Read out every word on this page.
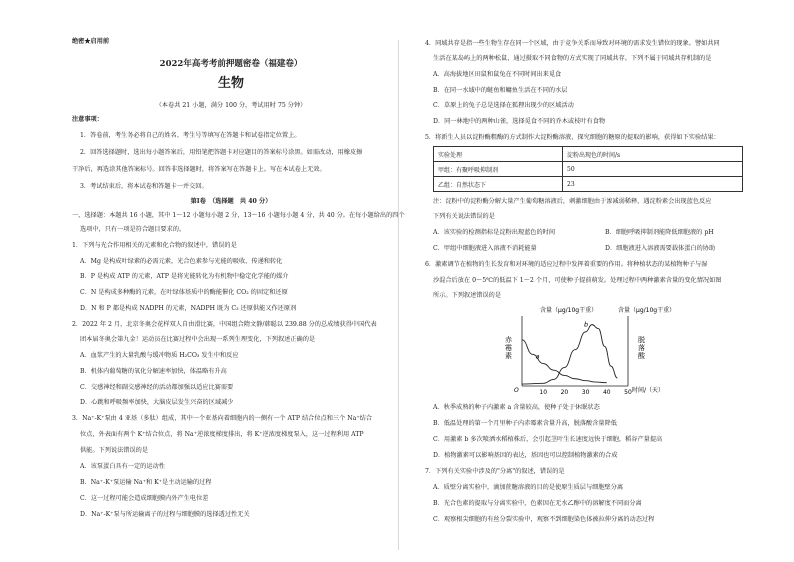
绝密★启用前
2022年高考考前押题密卷（福建卷）
生物
（本卷共 21 小题，满分 100 分，考试用时 75 分钟）
注意事项：
1．答卷前，考生务必将自己的姓名、考生号等填写在答题卡和试卷指定位置上。
2．回答选择题时，选出每小题答案后，用铅笔把答题卡对应题目的答案标号涂黑。如需改动，用橡皮擦
干净后，再选涂其他答案标号。回答非选择题时，将答案写在答题卡上。写在本试卷上无效。
3．考试结束后，将本试卷和答题卡一并交回。
第Ⅰ卷　（选择题　共 40 分）
一、选择题：本题共 16 小题，其中 1～12 小题每小题 2 分，13～16 小题每小题 4 分，共 40 分。在每小题给出的四个
选项中，只有一项是符合题目要求的。
1．下列与光合作用相关的元素和化合物的叙述中，错误的是
A．Mg 是构成叶绿素的必需元素，光合色素参与光能的吸收、传递和转化
B．P 是构成 ATP 的元素，ATP 是将光能转化为有机物中稳定化学能的媒介
C．N 是构成多种酶的元素，在叶绿体基质中的酶能催化 CO₂ 的固定和还原
D．N 和 P 都是构成 NADPH 的元素，NADPH 既为 C₃ 还原供能又作还原剂
2．2022 年 2 月，北京冬奥会花样双人自由滑比赛，中国组合隋文静/韩聪以 239.88 分的总成绩获得中国代表
团本届冬奥会第九金！运动员在比赛过程中会出现一系列生理变化，下列叙述正确的是
A．血浆产生的大量乳酸与缓冲物质 H₂CO₃ 发生中和反应
B．机体内葡萄糖的氧化分解速率加快，体温略有升高
C．交感神经和副交感神经的活动都加强以适应比赛需要
D．心跳和呼吸频率加快，大脑皮层发生兴奋的区域减少
3．Na⁺-K⁺泵由 4 亚基（多肽）组成，其中一个亚基向着细胞内的一侧有一个 ATP 结合位点和三个 Na⁺结合
位点，外表面有两个 K⁺结合位点，将 Na⁺逆浓度梯度排出，将 K⁺逆浓度梯度泵入，这一过程利用 ATP
供能。下列说法错误的是
A．该泵蛋白具有一定的运动性
B．Na⁺-K⁺泵运输 Na⁺和 K⁺是主动运输的过程
C．这一过程可能会造成细胞膜内外产生电位差
D．Na⁺-K⁺泵与所运输离子的过程与细胞膜的选择透过性无关
4．同域共存是指一些生物生存在同一个区域，由于竞争关系而导致对环境的需求发生错位的现象。譬如共同
生活在某岛屿上的两种松鼠，通过摄取不同食物的方式实现了同域共存。下列不属于同域共存机制的是
A．高海拔地区田鼠和鼠兔在不同时间出来觅食
B．在同一水域中的鲢鱼和鳙鱼生活在不同的水层
C．草原上的兔子总是选择在狐狸出现少的区域活动
D．同一林地中的两种山雀，选择觅食不同的乔木或枝叶有食物
5．将新生人员以淀粉酶粗酶的方式制作大淀粉酶溶液，探究细胞的糖原的提取的影响，获得如下实验结果：
实验处理	淀粉出现色的时间/s
甲组：有聚呼吸抑制剂	50
乙组：自然状态下	23
注：淀粉中的淀粉酶分解大量产生葡萄糖溶液后，刺激细胞由于渗减弱稀释，遇淀粉素会出现蓝色反应
下列有关说法错误的是
A．该实验的检测指标是淀粉出现蓝色的时间	B．细胞呼吸抑制剂能降低细胞液的 pH
C．甲组中细胞液进入溶液不消耗能量	D．细胞液进入溶液需要载体蛋白的协助
6．激素调节在植物的生长发育和对环境的适应过程中发挥着重要的作用。将种植状态的某植物种子与湿
沙混合后放在 0～5℃的低温下 1～2 个月，可使种子提前萌发。处理过程中两种激素含量的变化情况如图
所示。下列叙述错误的是
含量（μg/10g干重）	含量（μg/10g干重）
赤
霉
素
脱
落
酸
O	10 20 30 40 50 时间/（天）
a
b
A．秋季成熟的种子内激素 a 含量较高，使种子处于休眠状态
B．低温处理的第一个月里种子内赤霉素含量升高，脱落酸含量降低
C．用激素 b 多次喷洒水稻植株后，会引起茎叶生长速度远快于细胞，稻谷产量提高
D．植物激素可以影响基因的表达，基因也可以控制植物激素的合成
7．下列有关实验中涉及的"分离"的叙述，错误的是
A．质壁分离实验中，滴加蔗糖溶液的目的是使原生质层与细胞壁分离
B．光合色素的提取与分离实验中，色素因在无水乙醇中的溶解度不同而分离
C．观察根尖细胞的有丝分裂实验中，观察不到细胞染色体被拉伸分离的动态过程
